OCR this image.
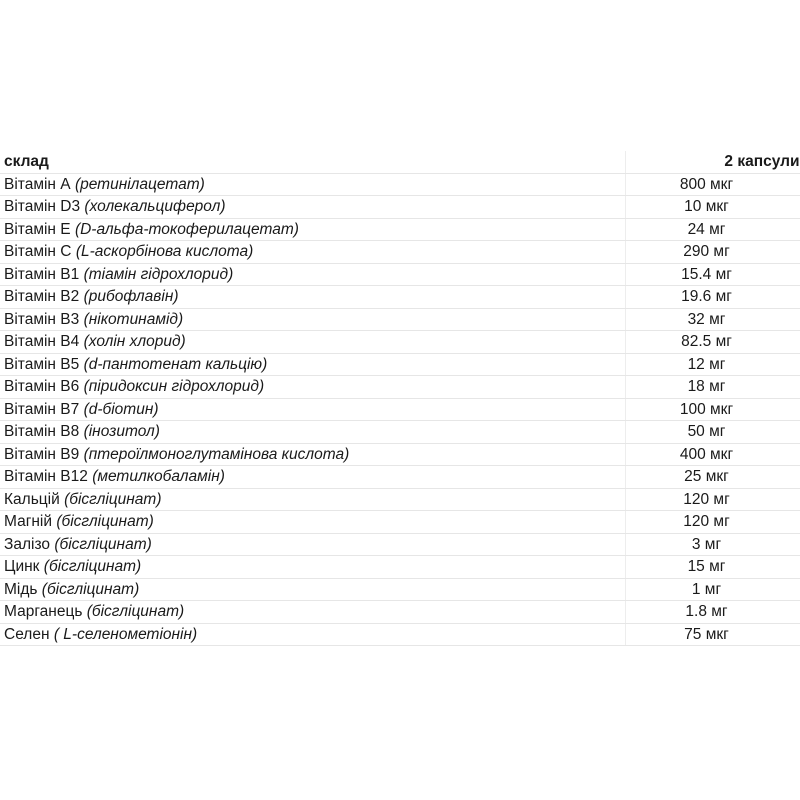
склад	2 капсули
Вітамін А (ретинілацетат)	800 мкг
Вітамін D3 (холекальциферол)	10 мкг
Вітамін Е (D-альфа-токоферилацетат)	24 мг
Вітамін С (L-аскорбінова кислота)	290 мг
Вітамін В1 (тіамін гідрохлорид)	15.4 мг
Вітамін В2 (рибофлавін)	19.6 мг
Вітамін В3 (нікотинамід)	32 мг
Вітамін В4 (холін хлорид)	82.5 мг
Вітамін В5 (d-пантотенат кальцію)	12 мг
Вітамін В6 (піридоксин гідрохлорид)	18 мг
Вітамін В7 (d-біотин)	100 мкг
Вітамін В8 (інозитол)	50 мг
Вітамін В9 (птероїлмоноглутамінова кислота)	400 мкг
Вітамін В12 (метилкобаламін)	25 мкг
Кальцій (бісгліцинат)	120 мг
Магній (бісгліцинат)	120 мг
Залізо (бісгліцинат)	3 мг
Цинк (бісгліцинат)	15 мг
Мідь (бісгліцинат)	1 мг
Марганець (бісгліцинат)	1.8 мг
Селен ( L-селенометіонін)	75 мкг
